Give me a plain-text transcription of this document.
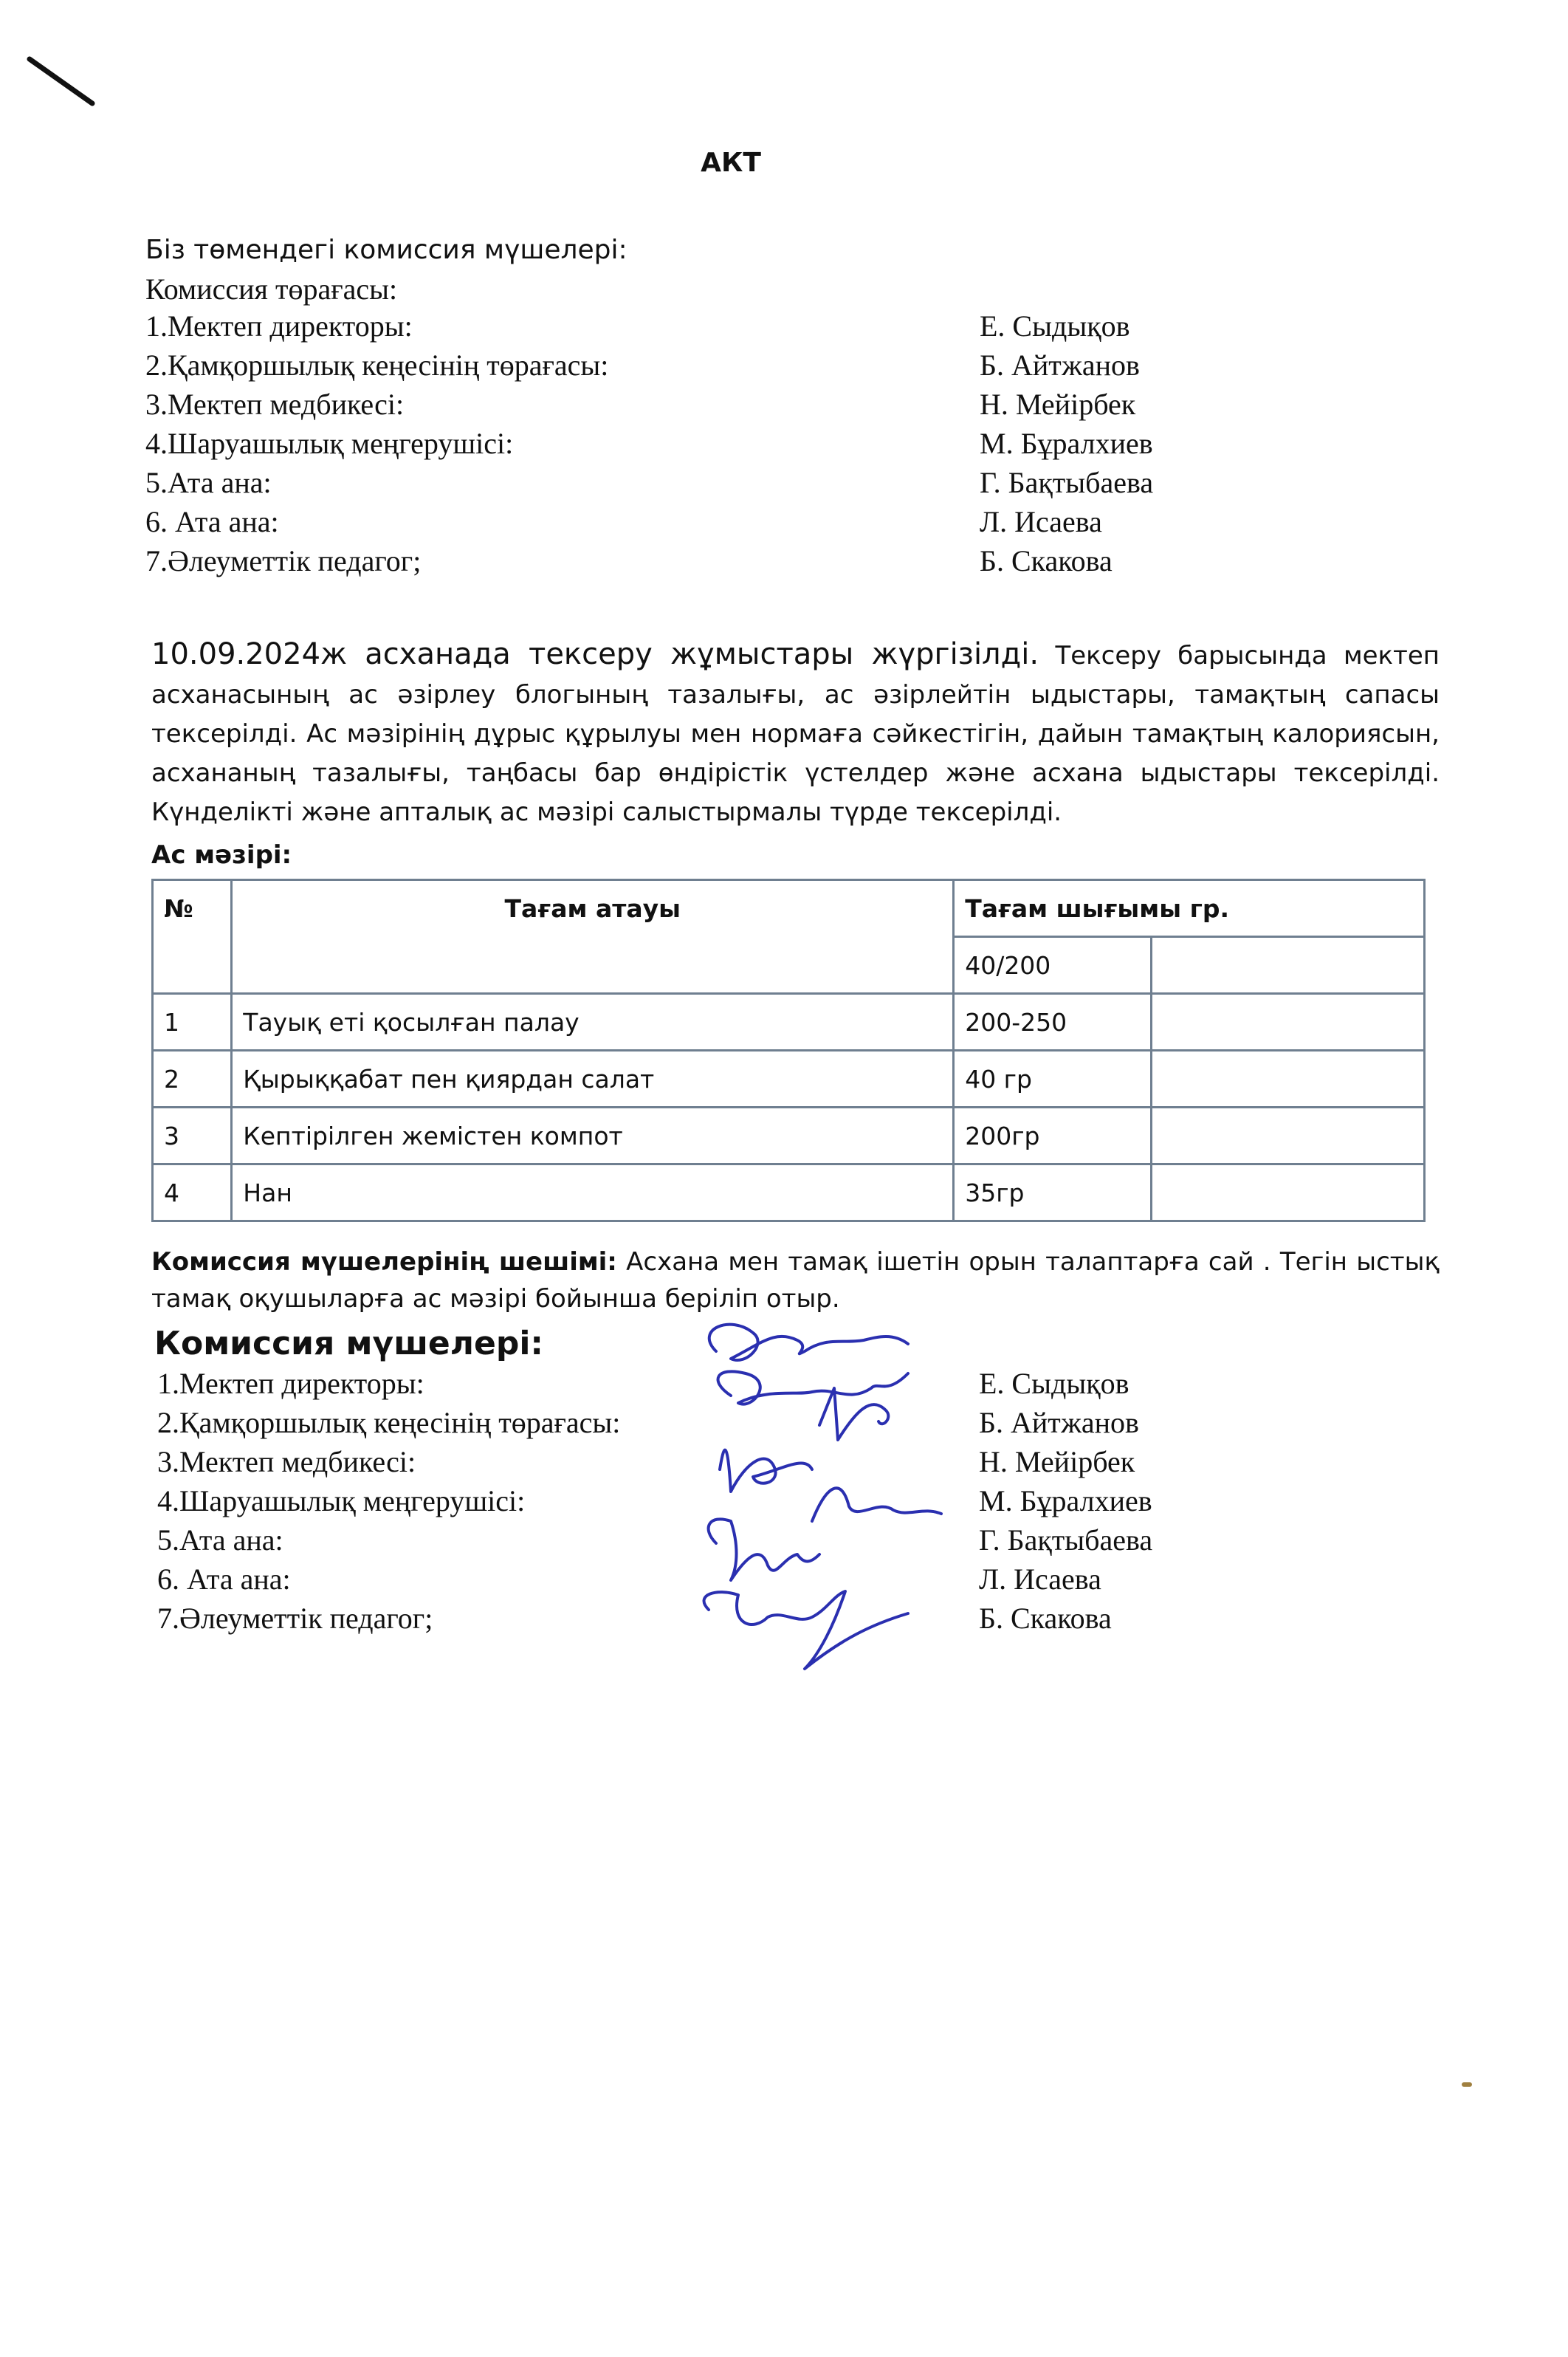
АКТ
Біз төмендегі комиссия мүшелері:
Комиссия төрағасы:
1.Мектеп директоры:	Е. Сыдықов
2.Қамқоршылық кеңесінің төрағасы:	Б. Айтжанов
3.Мектеп медбикесі:	Н. Мейірбек
4.Шаруашылық меңгерушісі:	М. Бұралхиев
5.Ата ана:	Г. Бақтыбаева
6. Ата ана:	Л. Исаева
7.Әлеуметтік педагог;	Б. Скакова
10.09.2024ж асханада тексеру жұмыстары жүргізілді. Тексеру барысында мектеп асханасының ас әзірлеу блогының тазалығы, ас әзірлейтін ыдыстары, тамақтың сапасы тексерілді. Ас мәзірінің дұрыс құрылуы мен нормаға сәйкестігін, дайын тамақтың калориясын, асхананың тазалығы, таңбасы бар өндірістік үстелдер және асхана ыдыстары тексерілді. Күнделікті және апталық ас мәзірі салыстырмалы түрде тексерілді.
Ас мәзірі:
№	Тағам атауы	Тағам шығымы гр.	
		40/200	
1	Тауық еті қосылған палау	200-250	
2	Қырыққабат пен қиярдан салат	40 гр	
3	Кептірілген жемістен компот	200гр	
4	Нан	35гр	
Комиссия мүшелерінің шешімі: Асхана мен тамақ ішетін орын талаптарға сай . Тегін ыстық тамақ оқушыларға ас мәзірі бойынша беріліп отыр.
Комиссия мүшелері:
1.Мектеп директоры:	Е. Сыдықов
2.Қамқоршылық кеңесінің төрағасы:	Б. Айтжанов
3.Мектеп медбикесі:	Н. Мейірбек
4.Шаруашылық меңгерушісі:	М. Бұралхиев
5.Ата ана:	Г. Бақтыбаева
6. Ата ана:	Л. Исаева
7.Әлеуметтік педагог;	Б. Скакова
